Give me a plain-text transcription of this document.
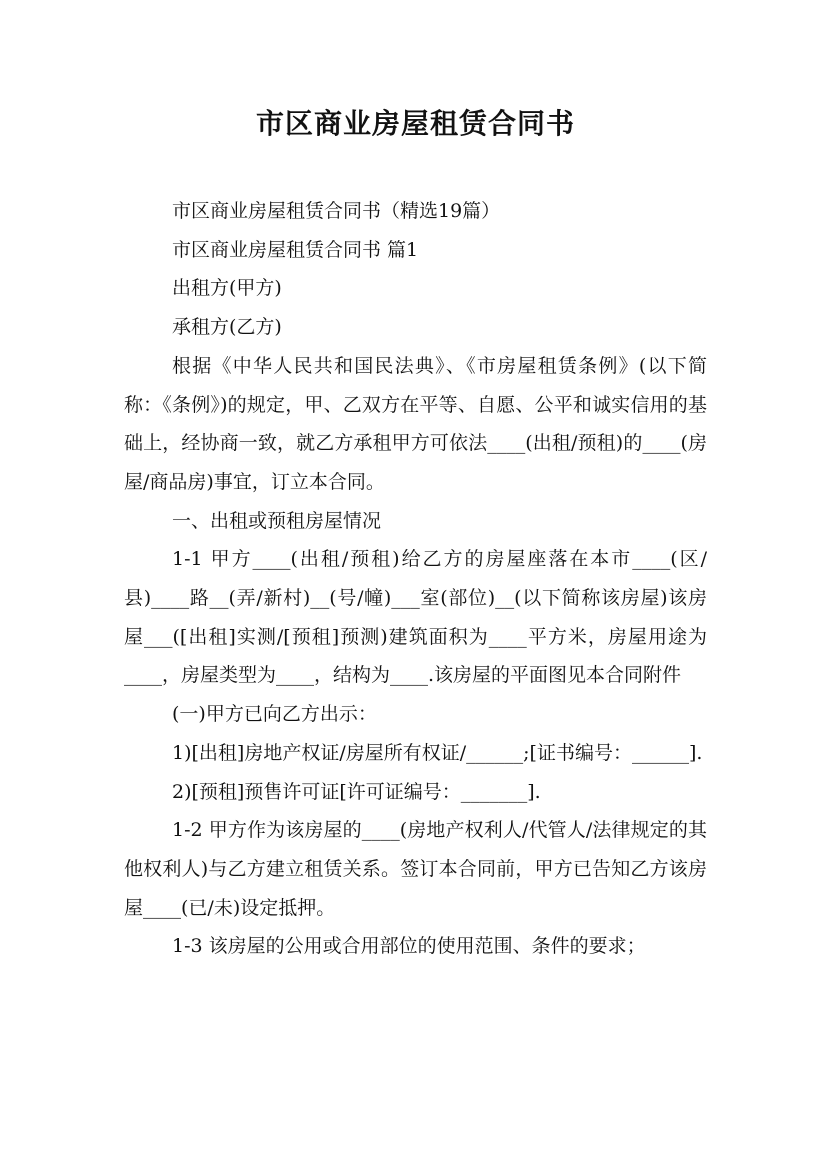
市区商业房屋租赁合同书

市区商业房屋租赁合同书（精选19篇）

市区商业房屋租赁合同书 篇1

出租方(甲方)

承租方(乙方)

根据《中华人民共和国民法典》、《市房屋租赁条例》(以下简称：《条例》)的规定，甲、乙双方在平等、自愿、公平和诚实信用的基础上，经协商一致，就乙方承租甲方可依法____(出租/预租)的____(房屋/商品房)事宜，订立本合同。

一、出租或预租房屋情况

1-1 甲方____(出租/预租)给乙方的房屋座落在本市____(区/县)____路__(弄/新村)__(号/幢)___室(部位)__(以下简称该房屋)该房屋___([出租]实测/[预租]预测)建筑面积为____平方米，房屋用途为____，房屋类型为____，结构为____.该房屋的平面图见本合同附件

(一)甲方已向乙方出示：

1)[出租]房地产权证/房屋所有权证/______;[证书编号：______].

2)[预租]预售许可证[许可证编号：_______].

1-2 甲方作为该房屋的____(房地产权利人/代管人/法律规定的其他权利人)与乙方建立租赁关系。签订本合同前，甲方已告知乙方该房屋____(已/未)设定抵押。

1-3 该房屋的公用或合用部位的使用范围、条件的要求；
